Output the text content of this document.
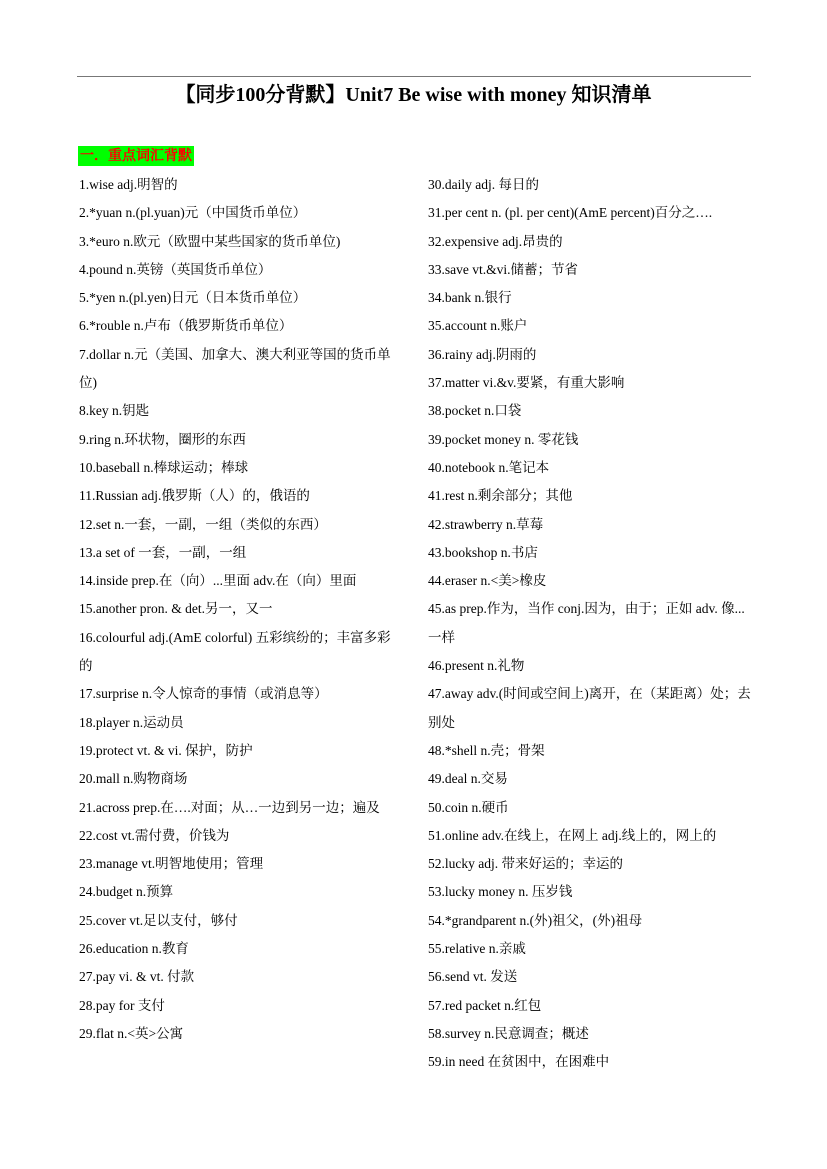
【同步100分背默】Unit7 Be wise with money 知识清单
一．重点词汇背默

1.wise adj.明智的

2.*yuan n.(pl.yuan)元（中国货币单位）

3.*euro n.欧元（欧盟中某些国家的货币单位)

4.pound n.英镑（英国货币单位）

5.*yen n.(pl.yen)日元（日本货币单位）

6.*rouble n.卢布（俄罗斯货币单位）

7.dollar n.元（美国、加拿大、澳大利亚等国的货币单位)

8.key n.钥匙

9.ring n.环状物，圈形的东西

10.baseball n.棒球运动；棒球

11.Russian adj.俄罗斯（人）的，俄语的

12.set n.一套，一副，一组（类似的东西）

13.a set of 一套，一副，一组

14.inside prep.在（向）...里面 adv.在（向）里面

15.another pron. & det.另一，又一

16.colourful adj.(AmE colorful) 五彩缤纷的；丰富多彩的

17.surprise n.令人惊奇的事情（或消息等）

18.player n.运动员

19.protect vt. & vi. 保护，防护

20.mall n.购物商场

21.across prep.在….对面；从…一边到另一边；遍及

22.cost vt.需付费，价钱为

23.manage vt.明智地使用；管理

24.budget n.预算

25.cover vt.足以支付，够付

26.education n.教育

27.pay vi. & vt. 付款

28.pay for 支付

29.flat n.<英>公寓

30.daily adj. 每日的

31.per cent n. (pl. per cent)(AmE percent)百分之….

32.expensive adj.昂贵的

33.save vt.&vi.储蓄；节省

34.bank n.银行

35.account n.账户

36.rainy adj.阴雨的

37.matter vi.&v.要紧，有重大影响

38.pocket n.口袋

39.pocket money n. 零花钱

40.notebook n.笔记本

41.rest n.剩余部分；其他

42.strawberry n.草莓

43.bookshop n.书店

44.eraser n.<美>橡皮

45.as prep.作为，当作 conj.因为，由于；正如 adv. 像...一样

46.present n.礼物

47.away adv.(时间或空间上)离开，在（某距离）处；去别处

48.*shell n.壳；骨架

49.deal n.交易

50.coin n.硬币

51.online adv.在线上，在网上 adj.线上的，网上的

52.lucky adj. 带来好运的；幸运的

53.lucky money n. 压岁钱

54.*grandparent n.(外)祖父，(外)祖母

55.relative n.亲戚

56.send vt. 发送

57.red packet n.红包

58.survey n.民意调查；概述

59.in need 在贫困中，在困难中
